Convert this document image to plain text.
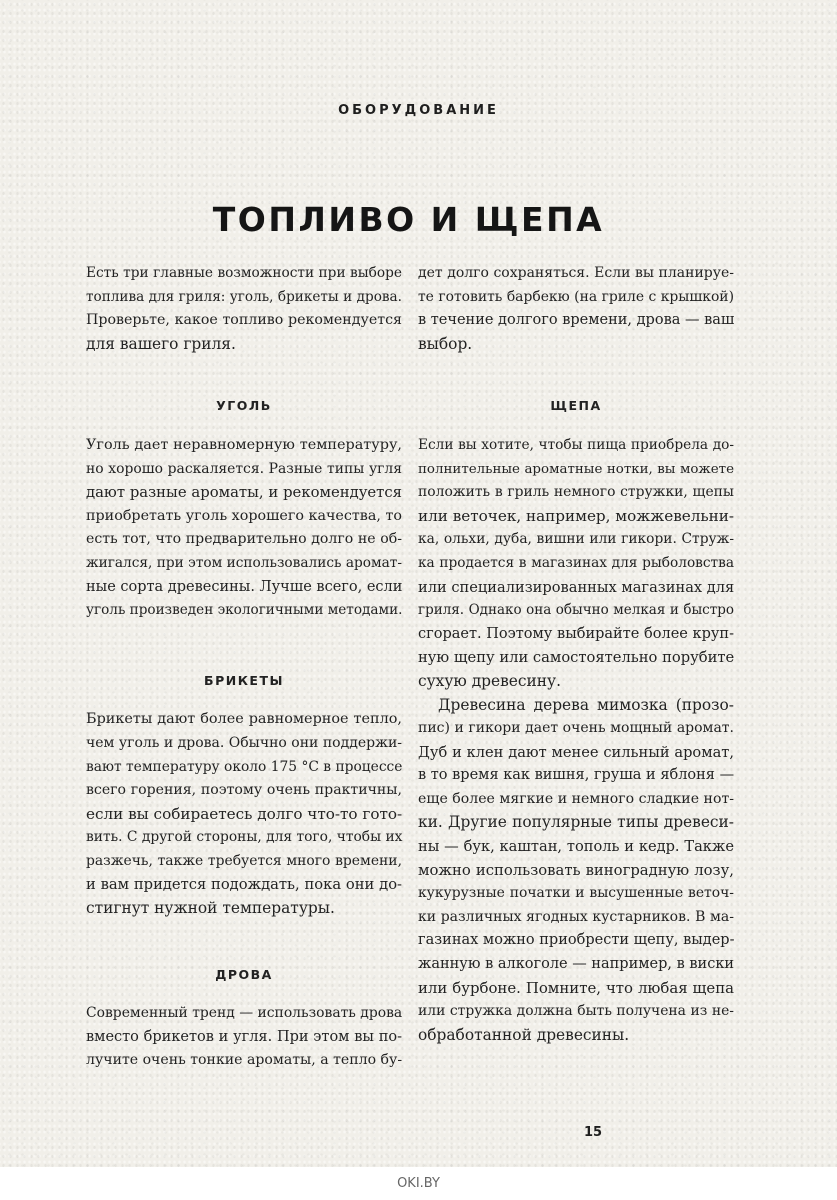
ОБОРУДОВАНИЕ
ТОПЛИВО И ЩЕПА

Есть три главные возможности при выборе

топлива для гриля: уголь, брикеты и дрова.

Проверьте, какое топливо рекомендуется

для вашего гриля.

УГОЛЬ

Уголь дает неравномерную температуру,

но хорошо раскаляется. Разные типы угля

дают разные ароматы, и рекомендуется

приобретать уголь хорошего качества, то

есть тот, что предварительно долго не об-

жигался, при этом использовались аромат-

ные сорта древесины. Лучше всего, если

уголь произведен экологичными методами.

БРИКЕТЫ

Брикеты дают более равномерное тепло,

чем уголь и дрова. Обычно они поддержи-

вают температуру около 175 °С в процессе

всего горения, поэтому очень практичны,

если вы собираетесь долго что-то гото-

вить. С другой стороны, для того, чтобы их

разжечь, также требуется много времени,

и вам придется подождать, пока они до-

стигнут нужной температуры.

ДРОВА

Современный тренд — использовать дрова

вместо брикетов и угля. При этом вы по-

лучите очень тонкие ароматы, а тепло бу-

дет долго сохраняться. Если вы планируе-

те готовить барбекю (на гриле с крышкой)

в течение долгого времени, дрова — ваш

выбор.

ЩЕПА

Если вы хотите, чтобы пища приобрела до-

полнительные ароматные нотки, вы можете

положить в гриль немного стружки, щепы

или веточек, например, можжевельни-

ка, ольхи, дуба, вишни или гикори. Струж-

ка продается в магазинах для рыболовства

или специализированных магазинах для

гриля. Однако она обычно мелкая и быстро

сгорает. Поэтому выбирайте более круп-

ную щепу или самостоятельно порубите

сухую древесину.

Древесина дерева мимозка (прозо-

пис) и гикори дает очень мощный аромат.

Дуб и клен дают менее сильный аромат,

в то время как вишня, груша и яблоня —

еще более мягкие и немного сладкие нот-

ки. Другие популярные типы древеси-

ны — бук, каштан, тополь и кедр. Также

можно использовать виноградную лозу,

кукурузные початки и высушенные веточ-

ки различных ягодных кустарников. В ма-

газинах можно приобрести щепу, выдер-

жанную в алкоголе — например, в виски

или бурбоне. Помните, что любая щепа

или стружка должна быть получена из не-

обработанной древесины.

15
OKI.BY
